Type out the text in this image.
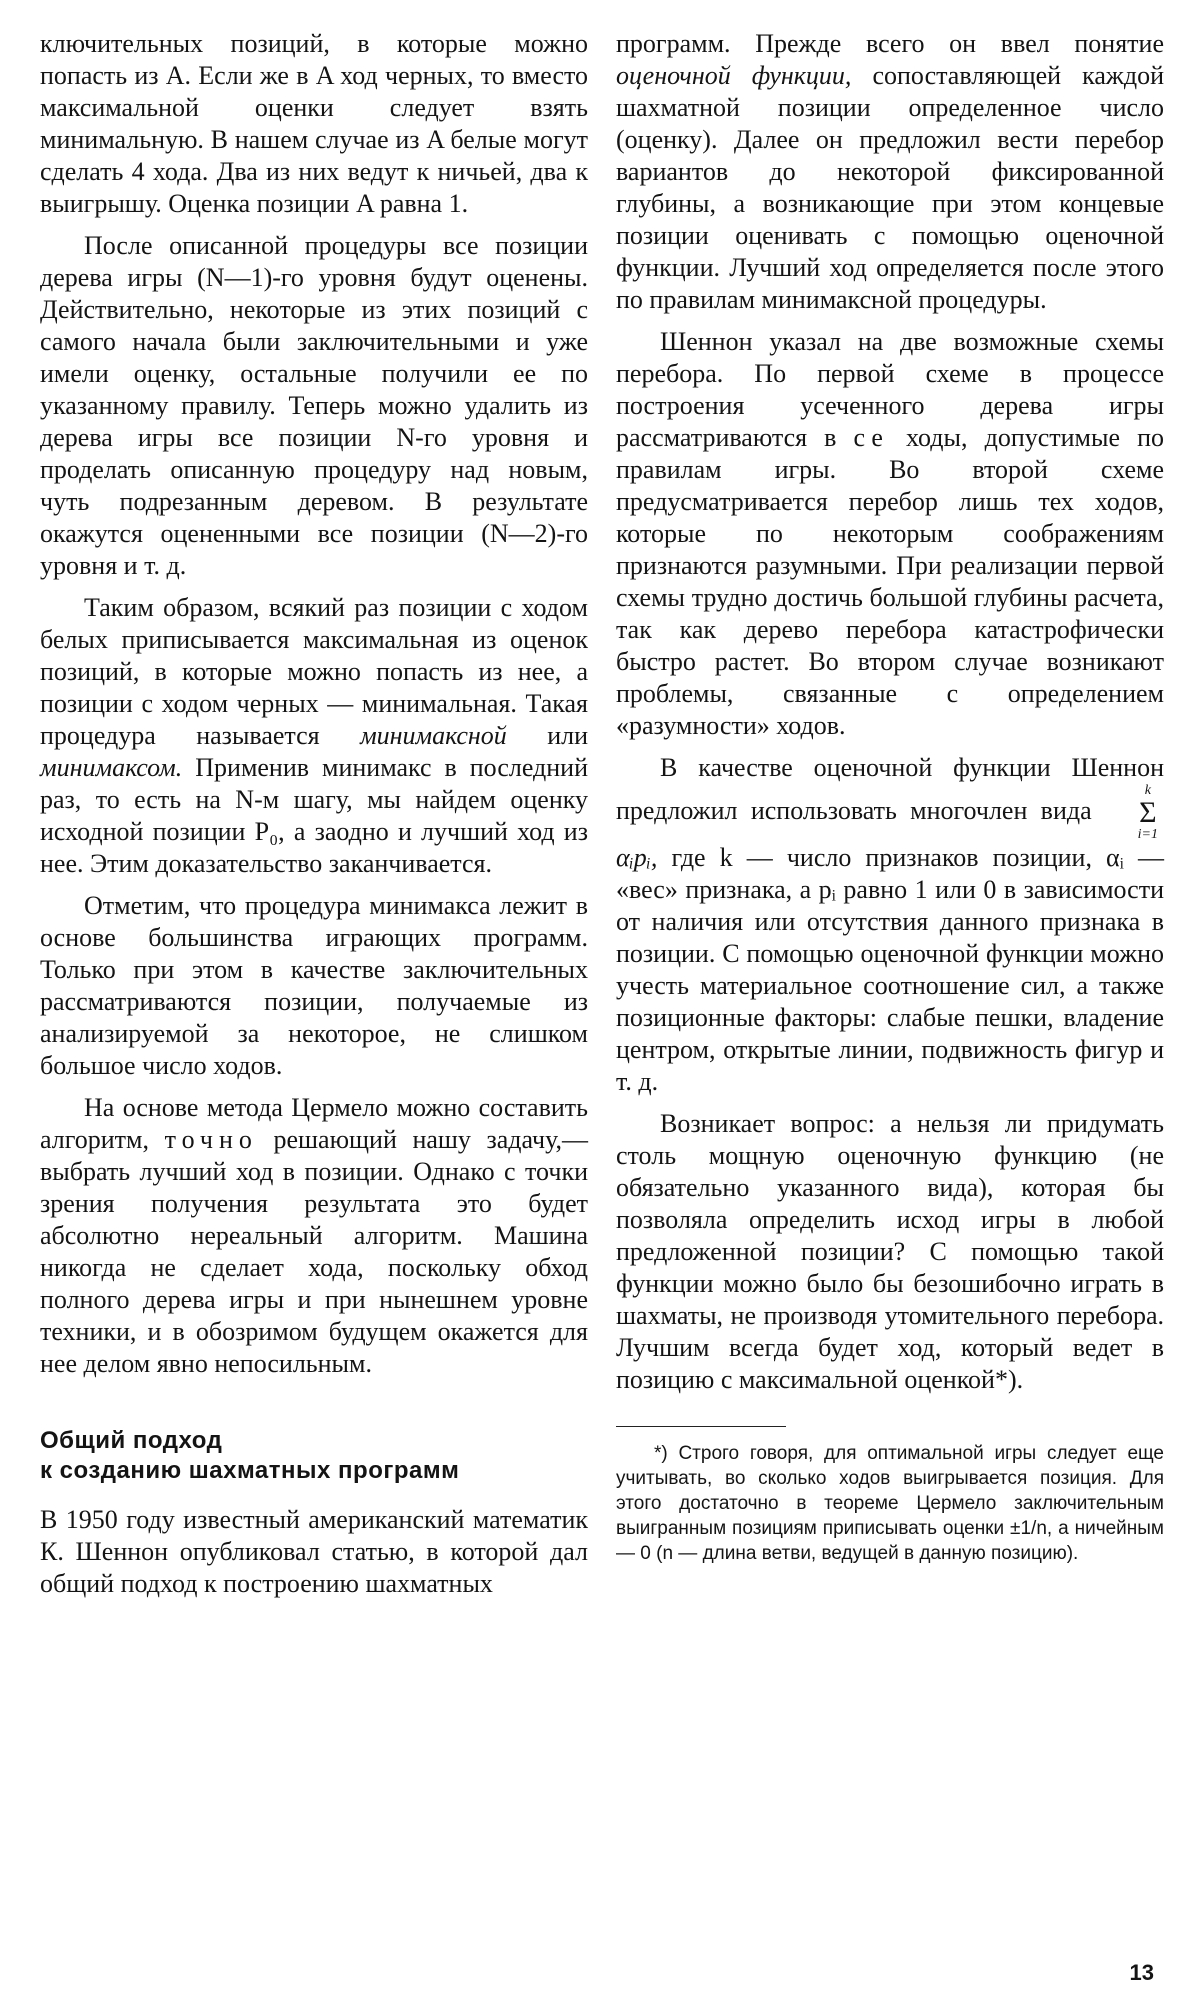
ключительных позиций, в которые можно попасть из A. Если же в A ход черных, то вместо максимальной оценки следует взять минимальную. В нашем случае из A белые могут сделать 4 хода. Два из них ведут к ничьей, два к выигрышу. Оценка позиции A равна 1.

После описанной процедуры все позиции дерева игры (N—1)-го уровня будут оценены. Действительно, некоторые из этих позиций с самого начала были заключительными и уже имели оценку, остальные получили ее по указанному правилу. Теперь можно удалить из дерева игры все позиции N-го уровня и проделать описанную процедуру над новым, чуть подрезанным деревом. В результате окажутся оцененными все позиции (N—2)-го уровня и т. д.

Таким образом, всякий раз позиции с ходом белых приписывается максимальная из оценок позиций, в которые можно попасть из нее, а позиции с ходом черных — минимальная. Такая процедура называется минимаксной или минимаксом. Применив минимакс в последний раз, то есть на N-м шагу, мы найдем оценку исходной позиции P₀, а заодно и лучший ход из нее. Этим доказательство заканчивается.

Отметим, что процедура минимакса лежит в основе большинства играющих программ. Только при этом в качестве заключительных рассматриваются позиции, получаемые из анализируемой за некоторое, не слишком большое число ходов.

На основе метода Цермело можно составить алгоритм, точно решающий нашу задачу,— выбрать лучший ход в позиции. Однако с точки зрения получения результата это будет абсолютно нереальный алгоритм. Машина никогда не сделает хода, поскольку обход полного дерева игры и при нынешнем уровне техники, и в обозримом будущем окажется для нее делом явно непосильным.

Общий подход
к созданию шахматных программ

В 1950 году известный американский математик К. Шеннон опубликовал статью, в которой дал общий подход к построению шахматных

программ. Прежде всего он ввел понятие оценочной функции, сопоставляющей каждой шахматной позиции определенное число (оценку). Далее он предложил вести перебор вариантов до некоторой фиксированной глубины, а возникающие при этом концевые позиции оценивать с помощью оценочной функции. Лучший ход определяется после этого по правилам минимаксной процедуры.

Шеннон указал на две возможные схемы перебора. По первой схеме в процессе построения усеченного дерева игры рассматриваются в се ходы, допустимые по правилам игры. Во второй схеме предусматривается перебор лишь тех ходов, которые по некоторым соображениям признаются разумными. При реализации первой схемы трудно достичь большой глубины расчета, так как дерево перебора катастрофически быстро растет. Во втором случае возникают проблемы, связанные с определением «разумности» ходов.

В качестве оценочной функции Шеннон предложил использовать многочлен вида
k
Σ
i=1
αᵢpᵢ, где k — число признаков позиции, αᵢ — «вес» признака, а pᵢ равно 1 или 0 в зависимости от наличия или отсутствия данного признака в позиции. С помощью оценочной функции можно учесть материальное соотношение сил, а также позиционные факторы: слабые пешки, владение центром, открытые линии, подвижность фигур и т. д.

Возникает вопрос: а нельзя ли придумать столь мощную оценочную функцию (не обязательно указанного вида), которая бы позволяла определить исход игры в любой предложенной позиции? С помощью такой функции можно было бы безошибочно играть в шахматы, не производя утомительного перебора. Лучшим всегда будет ход, который ведет в позицию с максимальной оценкой*).

*) Строго говоря, для оптимальной игры следует еще учитывать, во сколько ходов выигрывается позиция. Для этого достаточно в теореме Цермело заключительным выигранным позициям приписывать оценки ±1/n, а ничейным — 0 (n — длина ветви, ведущей в данную позицию).

13
